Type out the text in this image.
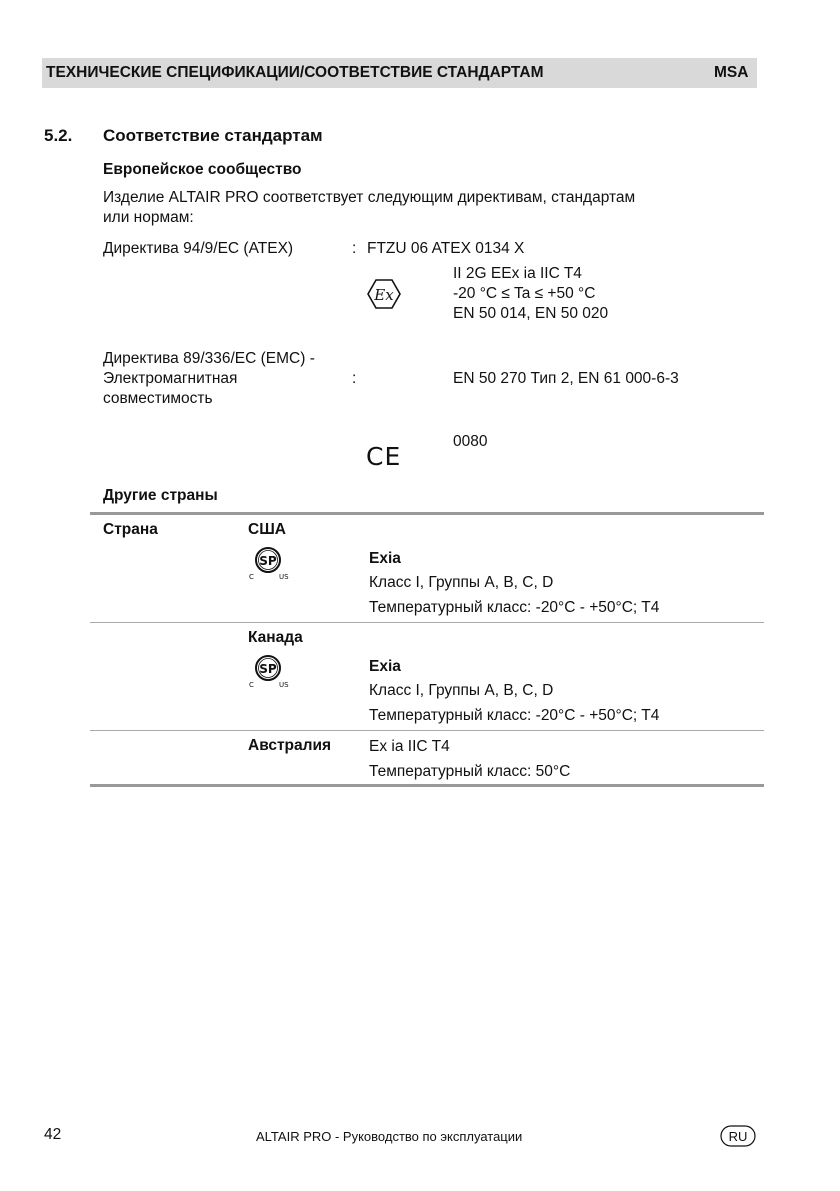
ТЕХНИЧЕСКИЕ СПЕЦИФИКАЦИИ/СООТВЕТСТВИЕ СТАНДАРТАМ	MSA
5.2. Соответствие стандартам
Европейское сообщество
Изделие ALTAIR PRO соответствует следующим директивам, стандартам
или нормам:
Директива 94/9/EC (ATEX)	: FTZU 06 ATEX 0134 X
II 2G EEx ia IIC T4
-20 °C ≤ Ta ≤ +50 °C
EN 50 014, EN 50 020
Ex
Директива 89/336/EC (EMC) -
Электромагнитная
совместимость
:	EN 50 270 Тип 2, EN 61 000-6-3
CE
0080
Другие страны
Страна	США
SP
C	US
Exia
Класс I, Группы A, B, C, D
Температурный класс: -20°C - +50°C; T4
Канада
SP
C	US
Exia
Класс I, Группы A, B, C, D
Температурный класс: -20°C - +50°C; T4
Австралия Ex ia IIC T4
Температурный класс: 50°C
42	ALTAIR PRO - Руководство по эксплуатации	RU
